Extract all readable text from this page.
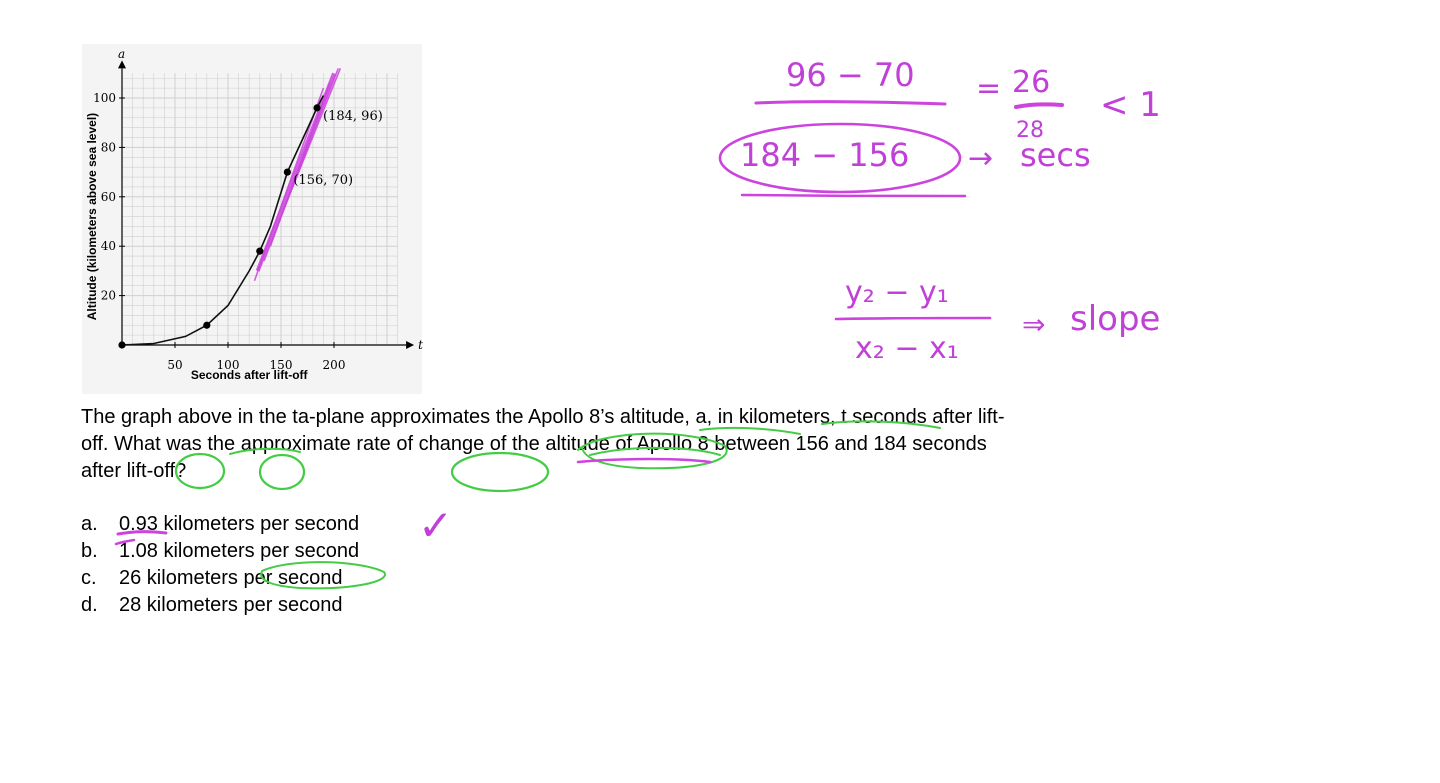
50	100	150	200
20
40
60
80
100
(156, 70)
(184, 96)
a
t
Seconds after lift-off
Altitude (kilometers above sea level)
The graph above in the ta-plane approximates the Apollo 8’s altitude, a, in kilometers, t seconds after lift-off. What was the approximate rate of change of the altitude of Apollo 8 between 156 and 184 seconds after lift-off?
a. 0.93 kilometers per second
b. 1.08 kilometers per second
c. 26 kilometers per second
d. 28 kilometers per second
96 − 70
184 − 156 →
= 26
28
< 1
secs
y₂ − y₁
x₂ − x₁
⇒ slope
✓
